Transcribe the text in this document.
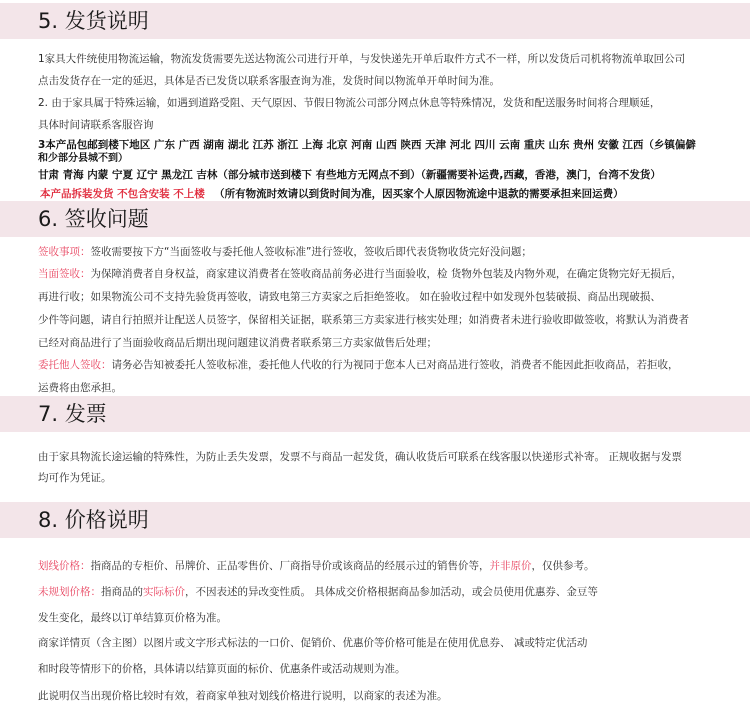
5. 发货说明
1家具大件统使用物流运输，物流发货需要先送达物流公司进行开单，与发快递先开单后取件方式不一样，所以发货后司机将物流单取回公司
点击发货存在一定的延迟，具体是否已发货以联系客服查询为准，发货时间以物流单开单时间为准。
2. 由于家具属于特殊运输，如遇到道路受阻、天气原因、节假日物流公司部分网点休息等特殊情况，发货和配送服务时间将合理顺延，
具体时间请联系客服咨询
3本产品包邮到楼下地区 广东 广西 湖南 湖北 江苏 浙江 上海 北京 河南 山西 陕西 天津 河北 四川 云南 重庆 山东 贵州 安徽 江西（乡镇偏僻
和少部分县城不到）
甘肃 青海 内蒙 宁夏 辽宁 黑龙江 吉林（部分城市送到楼下 有些地方无网点不到）（新疆需要补运费,西藏，香港，澳门，台湾不发货）
本产品拆装发货 不包含安装 不上楼 （所有物流时效请以到货时间为准，因买家个人原因物流途中退款的需要承担来回运费）
6. 签收问题
签收事项：签收需要按下方“当面签收与委托他人签收标准”进行签收，签收后即代表货物收货完好没问题；
当面签收：为保障消费者自身权益，商家建议消费者在签收商品前务必进行当面验收，检 货物外包装及内物外观，在确定货物完好无损后，
再进行收；如果物流公司不支持先验货再签收，请致电第三方卖家之后拒绝签收。 如在验收过程中如发现外包装破损、商品出现破损、
少件等问题，请自行拍照并让配送人员签字，保留相关证据，联系第三方卖家进行核实处理；如消费者未进行验收即做签收，将默认为消费者
已经对商品进行了当面验收商品后期出现问题建议消费者联系第三方卖家做售后处理；
委托他人签收：请务必告知被委托人签收标准，委托他人代收的行为视同于您本人已对商品进行签收，消费者不能因此拒收商品，若拒收，
运费将由您承担。
7. 发票
由于家具物流长途运输的特殊性，为防止丢失发票，发票不与商品一起发货，确认收货后可联系在线客服以快递形式补寄。 正规收据与发票
均可作为凭证。
8. 价格说明
划线价格：指商品的专柜价、吊牌价、正品零售价、厂商指导价或该商品的经展示过的销售价等，并非原价，仅供参考。
未规划价格：指商品的实际标价，不因表述的异改变性质。 具体成交价格根据商品参加活动，或会员使用优惠券、金豆等
发生变化，最终以订单结算页价格为准。
商家详情页（含主图）以图片或文字形式标法的一口价、促销价、优惠价等价格可能是在使用优息券、 减或特定优活动
和时段等情形下的价格，具体请以结算页面的标价、优惠条件或活动规则为准。
此说明仅当出现价格比较时有效，着商家单独对划线价格进行说明，以商家的表述为准。
